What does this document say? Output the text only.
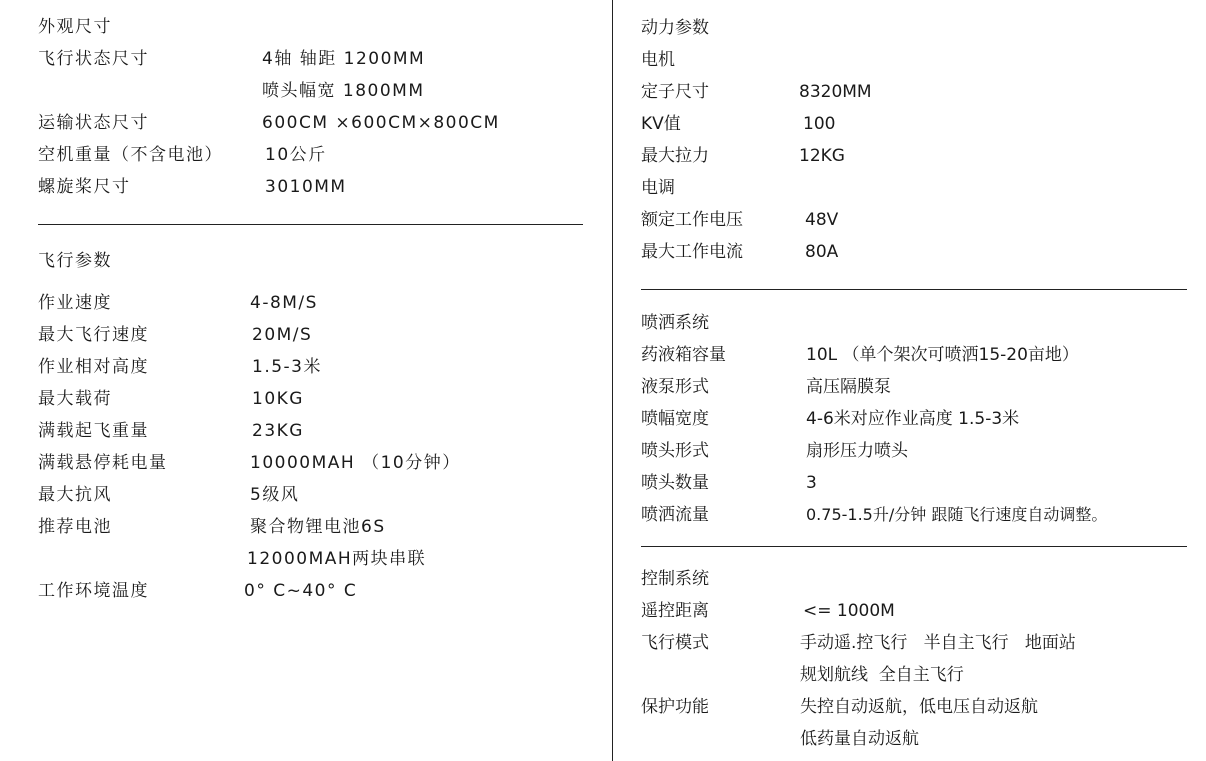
外观尺寸
飞行状态尺寸	4轴 轴距 1200MM
喷头幅宽 1800MM
运输状态尺寸	600CM ×600CM×800CM
空机重量（不含电池） 10公斤
螺旋桨尺寸	3010MM
飞行参数
作业速度	4-8M/S
最大飞行速度	20M/S
作业相对高度	1.5-3米
最大载荷	10KG
满载起飞重量	23KG
满载悬停耗电量	10000MAH （10分钟）
最大抗风	5级风
推荐电池	聚合物锂电池6S
12000MAH两块串联
工作环境温度	0° C~40° C
动力参数
电机
定子尺寸	8320MM
KV值	100
最大拉力	12KG
电调
额定工作电压	48V
最大工作电流	80A
喷洒系统
药液箱容量	10L （单个架次可喷洒15-20亩地）
液泵形式	高压隔膜泵
喷幅宽度	4-6米对应作业高度 1.5-3米
喷头形式	扇形压力喷头
喷头数量	3
喷洒流量	0.75-1.5升/分钟 跟随飞行速度自动调整。
控制系统
遥控距离	<= 1000M
飞行模式	手动遥.控飞行   半自主飞行   地面站
规划航线  全自主飞行
保护功能	失控自动返航，低电压自动返航
低药量自动返航
